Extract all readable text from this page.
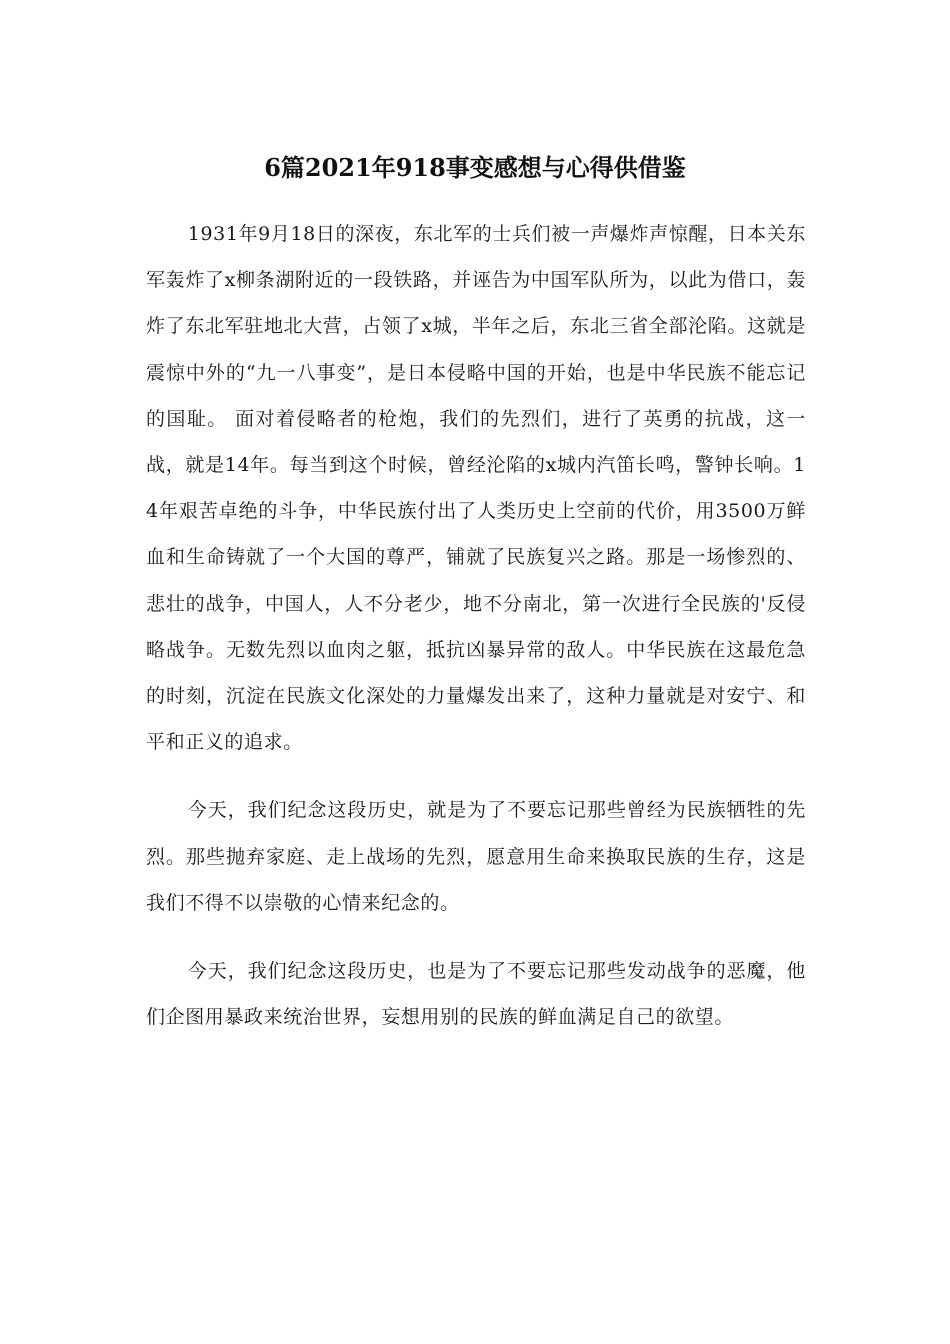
6篇2021年918事变感想与心得供借鉴

1931年9月18日的深夜，东北军的士兵们被一声爆炸声惊醒，日本关东军轰炸了x柳条湖附近的一段铁路，并诬告为中国军队所为，以此为借口，轰炸了东北军驻地北大营，占领了x城，半年之后，东北三省全部沦陷。这就是震惊中外的“九一八事变”，是日本侵略中国的开始，也是中华民族不能忘记的国耻。 面对着侵略者的枪炮，我们的先烈们，进行了英勇的抗战，这一战，就是14年。每当到这个时候，曾经沦陷的x城内汽笛长鸣，警钟长响。14年艰苦卓绝的斗争，中华民族付出了人类历史上空前的代价，用3500万鲜血和生命铸就了一个大国的尊严，铺就了民族复兴之路。那是一场惨烈的、悲壮的战争，中国人，人不分老少，地不分南北，第一次进行全民族的'反侵略战争。无数先烈以血肉之躯，抵抗凶暴异常的敌人。中华民族在这最危急的时刻，沉淀在民族文化深处的力量爆发出来了，这种力量就是对安宁、和平和正义的追求。

今天，我们纪念这段历史，就是为了不要忘记那些曾经为民族牺牲的先烈。那些抛弃家庭、走上战场的先烈，愿意用生命来换取民族的生存，这是我们不得不以崇敬的心情来纪念的。

今天，我们纪念这段历史，也是为了不要忘记那些发动战争的恶魔，他们企图用暴政来统治世界，妄想用别的民族的鲜血满足自己的欲望。
